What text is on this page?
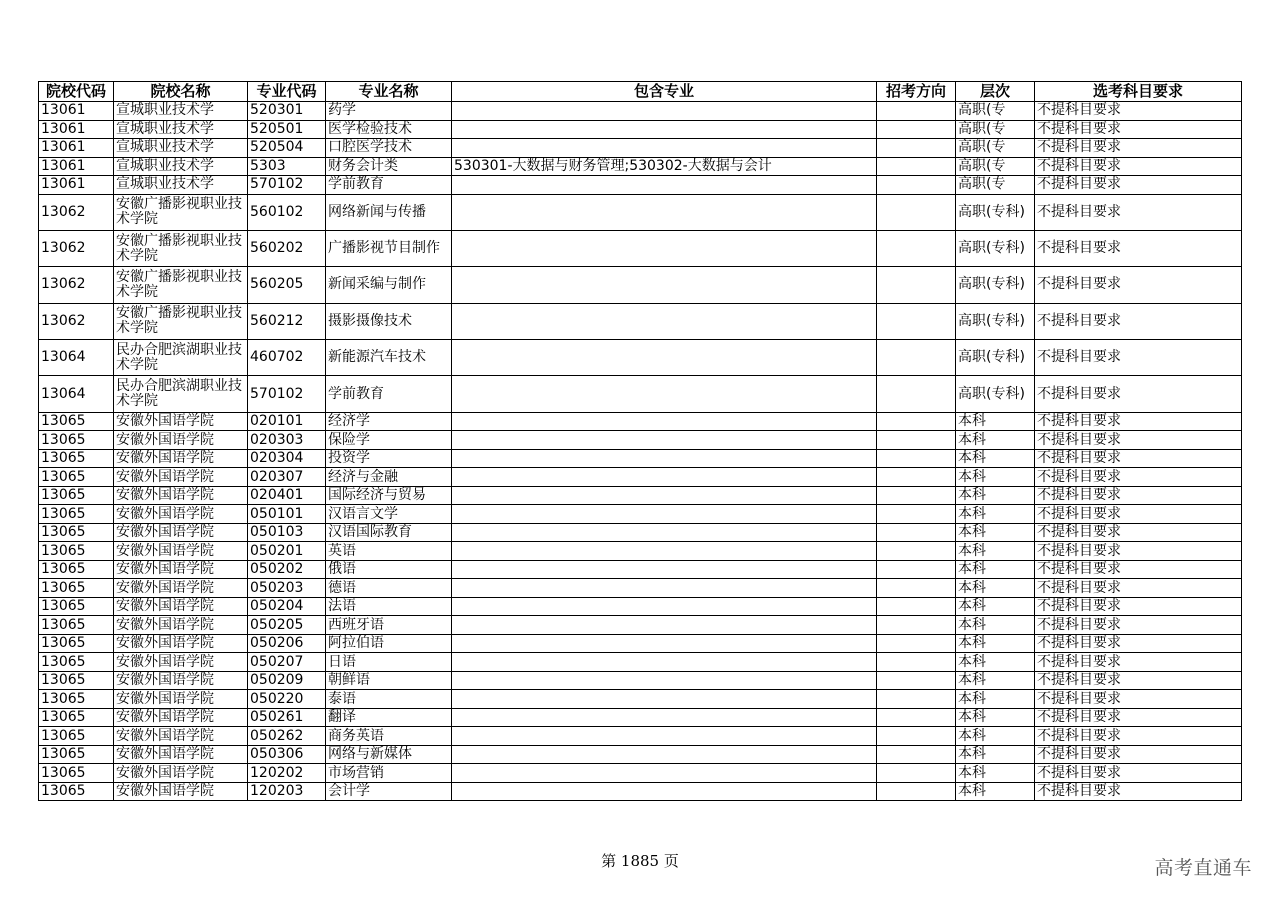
院校代码	院校名称	专业代码	专业名称	包含专业	招考方向	层次	选考科目要求
13061	宣城职业技术学	520301	药学			高职(专	不提科目要求
13061	宣城职业技术学	520501	医学检验技术			高职(专	不提科目要求
13061	宣城职业技术学	520504	口腔医学技术			高职(专	不提科目要求
13061	宣城职业技术学	5303	财务会计类	530301-大数据与财务管理;530302-大数据与会计		高职(专	不提科目要求
13061	宣城职业技术学	570102	学前教育			高职(专	不提科目要求
13062	安徽广播影视职业技术学院	560102	网络新闻与传播			高职(专科)	不提科目要求
13062	安徽广播影视职业技术学院	560202	广播影视节目制作			高职(专科)	不提科目要求
13062	安徽广播影视职业技术学院	560205	新闻采编与制作			高职(专科)	不提科目要求
13062	安徽广播影视职业技术学院	560212	摄影摄像技术			高职(专科)	不提科目要求
13064	民办合肥滨湖职业技术学院	460702	新能源汽车技术			高职(专科)	不提科目要求
13064	民办合肥滨湖职业技术学院	570102	学前教育			高职(专科)	不提科目要求
13065	安徽外国语学院	020101	经济学			本科	不提科目要求
13065	安徽外国语学院	020303	保险学			本科	不提科目要求
13065	安徽外国语学院	020304	投资学			本科	不提科目要求
13065	安徽外国语学院	020307	经济与金融			本科	不提科目要求
13065	安徽外国语学院	020401	国际经济与贸易			本科	不提科目要求
13065	安徽外国语学院	050101	汉语言文学			本科	不提科目要求
13065	安徽外国语学院	050103	汉语国际教育			本科	不提科目要求
13065	安徽外国语学院	050201	英语			本科	不提科目要求
13065	安徽外国语学院	050202	俄语			本科	不提科目要求
13065	安徽外国语学院	050203	德语			本科	不提科目要求
13065	安徽外国语学院	050204	法语			本科	不提科目要求
13065	安徽外国语学院	050205	西班牙语			本科	不提科目要求
13065	安徽外国语学院	050206	阿拉伯语			本科	不提科目要求
13065	安徽外国语学院	050207	日语			本科	不提科目要求
13065	安徽外国语学院	050209	朝鲜语			本科	不提科目要求
13065	安徽外国语学院	050220	泰语			本科	不提科目要求
13065	安徽外国语学院	050261	翻译			本科	不提科目要求
13065	安徽外国语学院	050262	商务英语			本科	不提科目要求
13065	安徽外国语学院	050306	网络与新媒体			本科	不提科目要求
13065	安徽外国语学院	120202	市场营销			本科	不提科目要求
13065	安徽外国语学院	120203	会计学			本科	不提科目要求
第 1885 页	高考直通车
